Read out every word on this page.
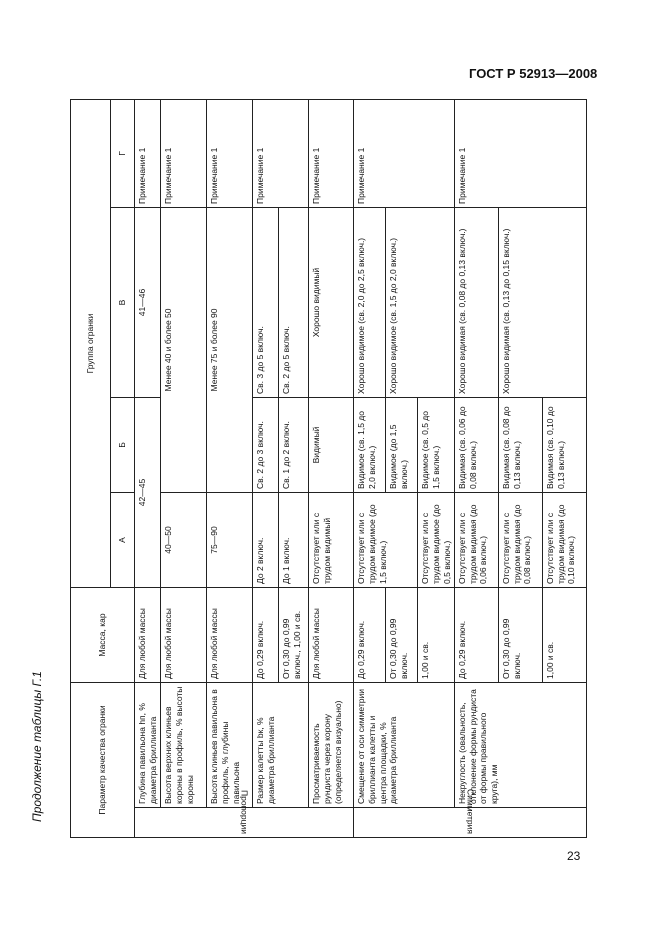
ГОСТ Р 52913—2008
Продолжение таблицы Г.1
23
Параметр качества огранки		Масса, кар	Группа огранки			
			А	Б	В	Г
Пропорции	Глубина павильона hп, % диаметра бриллианта	Для любой массы	42—45		41—46	Примечание 1
	Высота верхних клиньев короны в профиль, % высоты короны	Для любой массы	40—50	Менее 40 и более 50		Примечание 1
	Высота клиньев павильона в профиль, % глубины павильона	Для любой массы	75—90	Менее 75 и более 90		Примечание 1
	Размер калетты bк, % диаметра бриллианта	До 0,29 включ.	До 2 включ.	Св. 2 до 3 включ.	Св. 3 до 5 включ.	Примечание 1
		От 0,30 до 0,99 включ., 1,00 и св.	До 1 включ.	Св. 1 до 2 включ.	Св. 2 до 5 включ.	
	Просматриваемость рундиста через корону (определяется визуально)	Для любой массы	Отсутствует или с трудом видимый	Видимый	Хорошо видимый	Примечание 1
Симметрия	Смещение от оси симметрии бриллианта калетты и центра площадки, % диаметра бриллианта	До 0,29 включ.	Отсутствует или с трудом видимое (до 1,5 включ.)	Видимое (св. 1,5 до 2,0 включ.)	Хорошо видимое (св. 2,0 до 2,5 включ.)	Примечание 1
		От 0,30 до 0,99 включ.		Видимое (до 1,5 включ.)	Хорошо видимое (св. 1,5 до 2,0 включ.)	
		1,00 и св.	Отсутствует или с трудом видимое (до 0,5 включ.)	Видимое (св. 0,5 до 1,5 включ.)		
	Некруглость (овальность, отклонение формы рундиста от формы правильного круга), мм	До 0,29 включ.	Отсутствует или с трудом видимая (до 0,06 включ.)	Видимая (св. 0,06 до 0,08 включ.)	Хорошо видимая (св. 0,08 до 0,13 включ.)	Примечание 1
		От 0,30 до 0,99 включ.	Отсутствует или с трудом видимая (до 0,08 включ.)	Видимая (св. 0,08 до 0,13 включ.)	Хорошо видимая (св. 0,13 до 0,15 включ.)	
		1,00 и св.	Отсутствует или с трудом видимая (до 0,10 включ.)	Видимая (св. 0,10 до 0,13 включ.)		
